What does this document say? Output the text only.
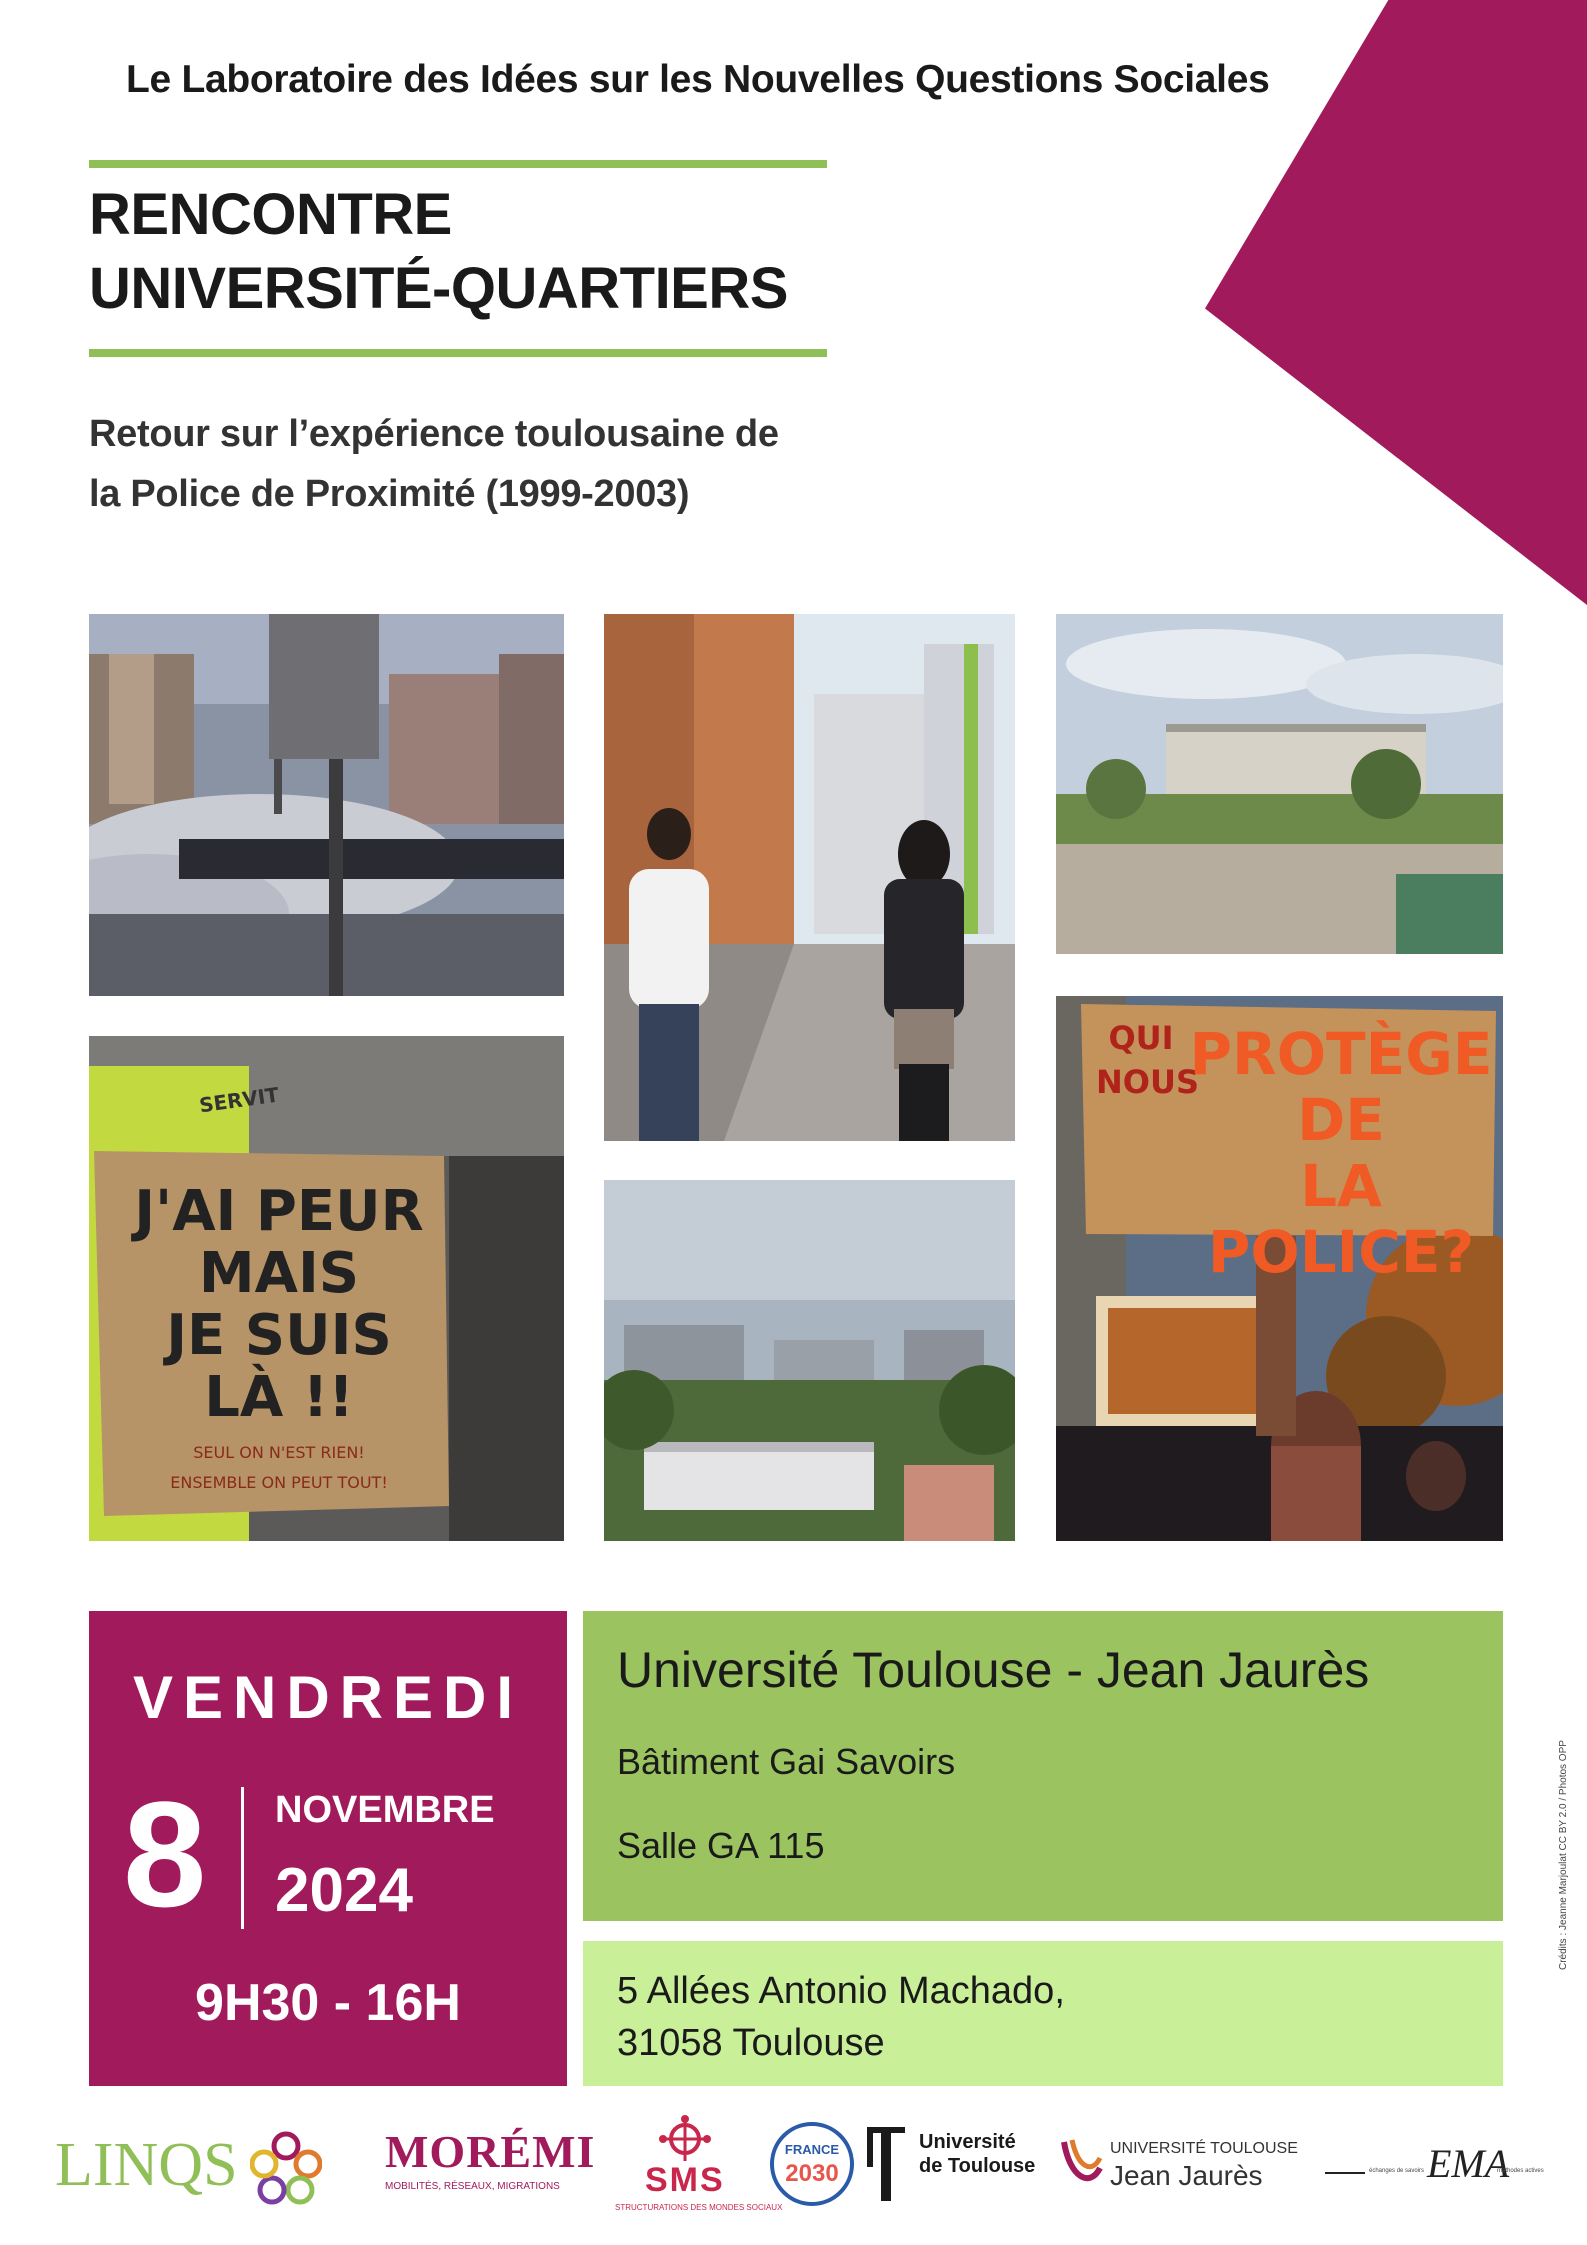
Le Laboratoire des Idées sur les Nouvelles Questions Sociales
RENCONTRE
UNIVERSITÉ-QUARTIERS
Retour sur l’expérience toulousaine de
la Police de Proximité (1999-2003)
SERVIT
J'AI PEUR
MAIS
JE SUIS
LÀ !!
SEUL ON N'EST RIEN!
ENSEMBLE ON PEUT TOUT!
QUI
NOUS
PROTÈGE
DE
LA POLICE?
VENDREDI
8 NOVEMBRE
2024
9H30 - 16H
Université Toulouse - Jean Jaurès
Bâtiment Gai Savoirs
Salle GA 115
5 Allées Antonio Machado,
31058 Toulouse
Crédits : Jeanne Marjoulat CC BY 2.0 / Photos OPP
LINQS	MORÉMI
MOBILITÉS, RÉSEAUX, MIGRATIONS	SMS
STRUCTURATIONS DES MONDES SOCIAUX
FRANCE
2030
Université
de Toulouse
UNIVERSITÉ TOULOUSE
Jean Jaurès	échanges de savoirs EMA
méthodes actives
